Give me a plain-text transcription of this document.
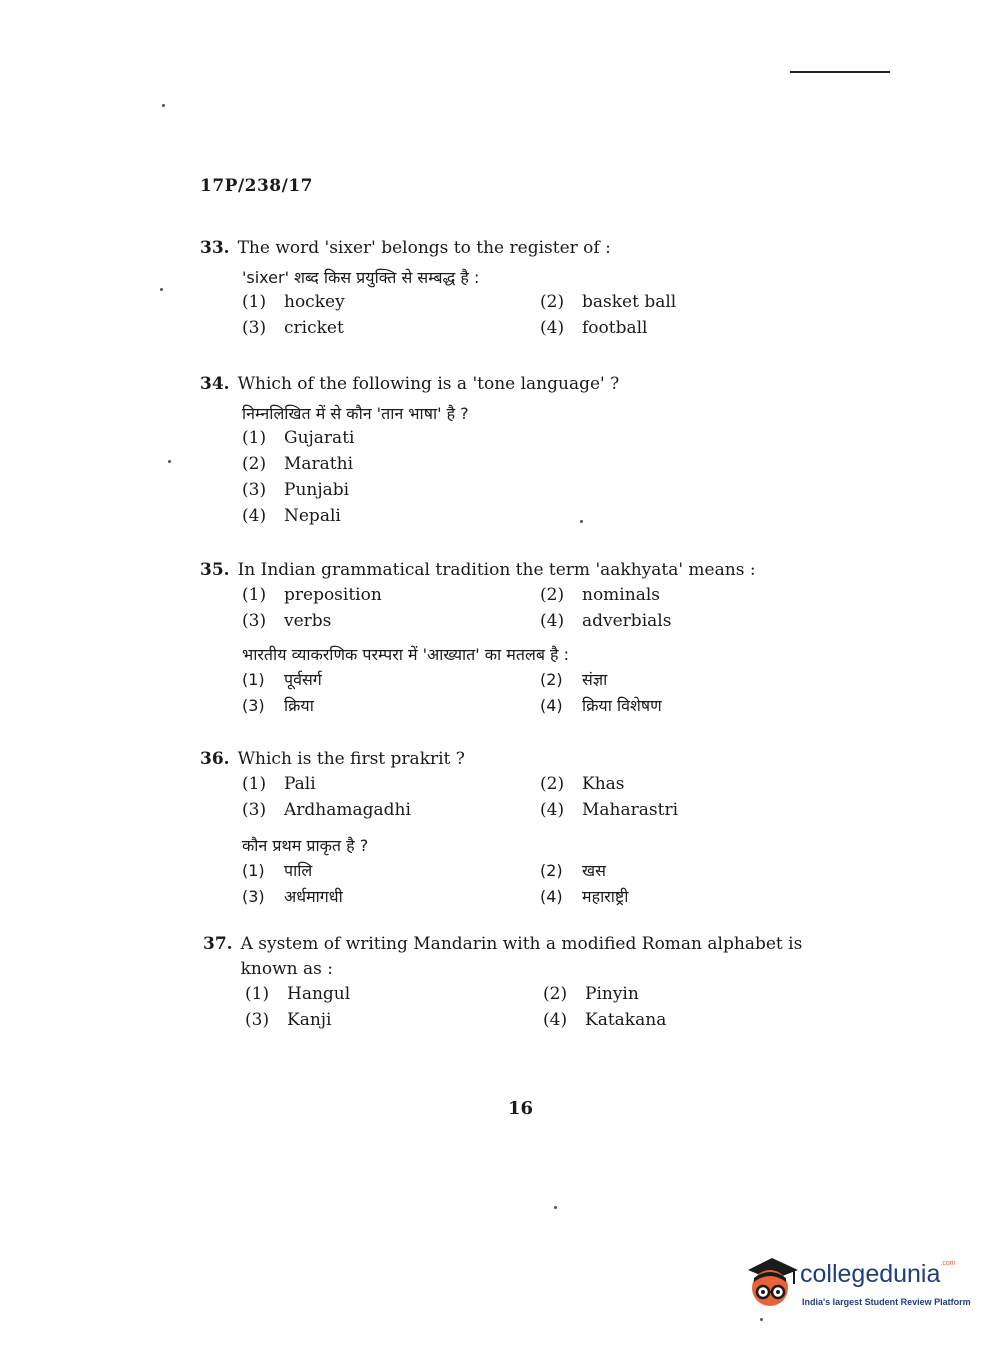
17P/238/17
33. The word 'sixer' belongs to the register of :
'sixer' शब्द किस प्रयुक्ति से सम्बद्ध है :
(1)	hockey	(2)	basket ball
(3)	cricket	(4)	football
34. Which of the following is a 'tone language' ?
निम्नलिखित में से कौन 'तान भाषा' है ?
(1)	Gujarati
(2)	Marathi
(3)	Punjabi
(4)	Nepali
35. In Indian grammatical tradition the term 'aakhyata' means :
(1)	preposition	(2)	nominals
(3)	verbs	(4)	adverbials
भारतीय व्याकरणिक परम्परा में 'आख्यात' का मतलब है :
(1)	पूर्वसर्ग	(2)	संज्ञा
(3)	क्रिया	(4)	क्रिया विशेषण
36. Which is the first prakrit ?
(1)	Pali	(2)	Khas
(3)	Ardhamagadhi	(4)	Maharastri
कौन प्रथम प्राकृत है ?
(1)	पालि	(2)	खस
(3)	अर्धमागधी	(4)	महाराष्ट्री
37. A system of writing Mandarin with a modified Roman alphabet is known as :
(1)	Hangul	(2)	Pinyin
(3)	Kanji	(4)	Katakana
16
collegedunia$^{.com}$
India's largest Student Review Platform
